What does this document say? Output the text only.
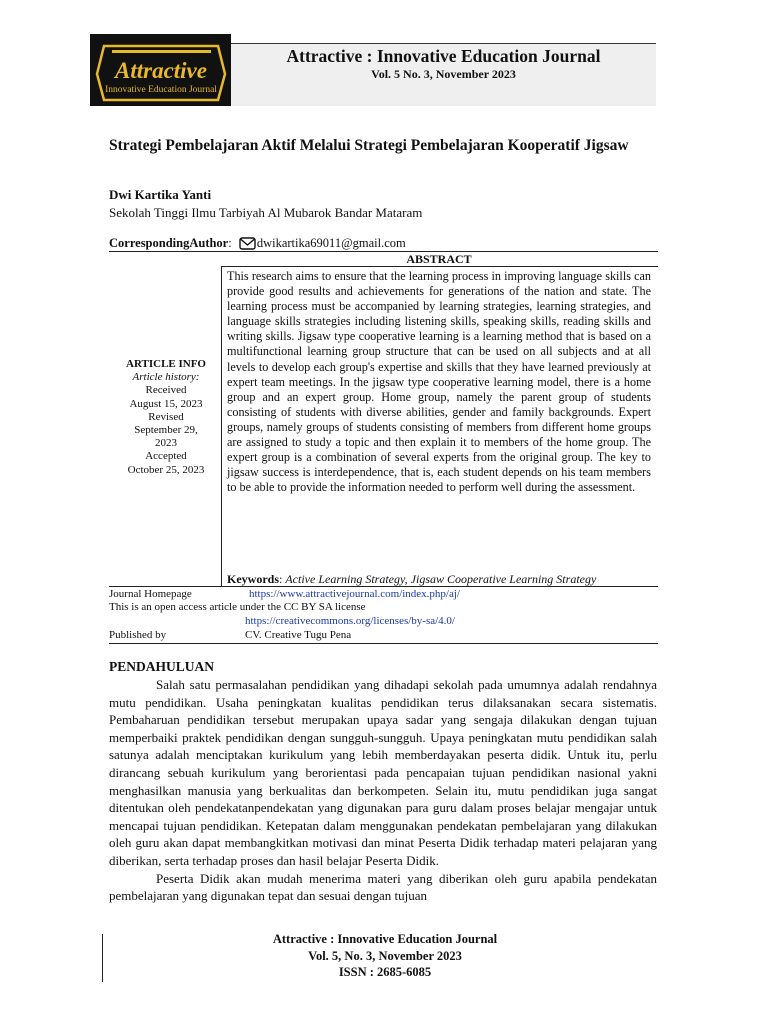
Attractive
Innovative Education Journal
Attractive : Innovative Education Journal
Vol. 5 No. 3, November 2023
Strategi Pembelajaran Aktif Melalui Strategi Pembelajaran Kooperatif Jigsaw
Dwi Kartika Yanti
Sekolah Tinggi Ilmu Tarbiyah Al Mubarok Bandar Mataram
CorrespondingAuthor: dwikartika69011@gmail.com
ABSTRACT
ARTICLE INFO
Article history:
Received
August 15, 2023
Revised
September 29, 2023
Accepted
October 25, 2023
This research aims to ensure that the learning process in improving language skills can provide good results and achievements for generations of the nation and state. The learning process must be accompanied by learning strategies, learning strategies, and language skills strategies including listening skills, speaking skills, reading skills and writing skills. Jigsaw type cooperative learning is a learning method that is based on a multifunctional learning group structure that can be used on all subjects and at all levels to develop each group's expertise and skills that they have learned previously at expert team meetings. In the jigsaw type cooperative learning model, there is a home group and an expert group. Home group, namely the parent group of students consisting of students with diverse abilities, gender and family backgrounds. Expert groups, namely groups of students consisting of members from different home groups are assigned to study a topic and then explain it to members of the home group. The expert group is a combination of several experts from the original group. The key to jigsaw success is interdependence, that is, each student depends on his team members to be able to provide the information needed to perform well during the assessment.
Keywords: Active Learning Strategy, Jigsaw Cooperative Learning Strategy
Journal Homepage	https://www.attractivejournal.com/index.php/aj/
This is an open access article under the CC BY SA license
https://creativecommons.org/licenses/by-sa/4.0/
Published by	CV. Creative Tugu Pena
PENDAHULUAN

Salah satu permasalahan pendidikan yang dihadapi sekolah pada umumnya adalah rendahnya mutu pendidikan. Usaha peningkatan kualitas pendidikan terus dilaksanakan secara sistematis. Pembaharuan pendidikan tersebut merupakan upaya sadar yang sengaja dilakukan dengan tujuan memperbaiki praktek pendidikan dengan sungguh-sungguh. Upaya peningkatan mutu pendidikan salah satunya adalah menciptakan kurikulum yang lebih memberdayakan peserta didik. Untuk itu, perlu dirancang sebuah kurikulum yang berorientasi pada pencapaian tujuan pendidikan nasional yakni menghasilkan manusia yang berkualitas dan berkompeten. Selain itu, mutu pendidikan juga sangat ditentukan oleh pendekatanpendekatan yang digunakan para guru dalam proses belajar mengajar untuk mencapai tujuan pendidikan. Ketepatan dalam menggunakan pendekatan pembelajaran yang dilakukan oleh guru akan dapat membangkitkan motivasi dan minat Peserta Didik terhadap materi pelajaran yang diberikan, serta terhadap proses dan hasil belajar Peserta Didik.

Peserta Didik akan mudah menerima materi yang diberikan oleh guru apabila pendekatan pembelajaran yang digunakan tepat dan sesuai dengan tujuan

Attractive : Innovative Education Journal
Vol. 5, No. 3, November 2023
ISSN : 2685-6085
